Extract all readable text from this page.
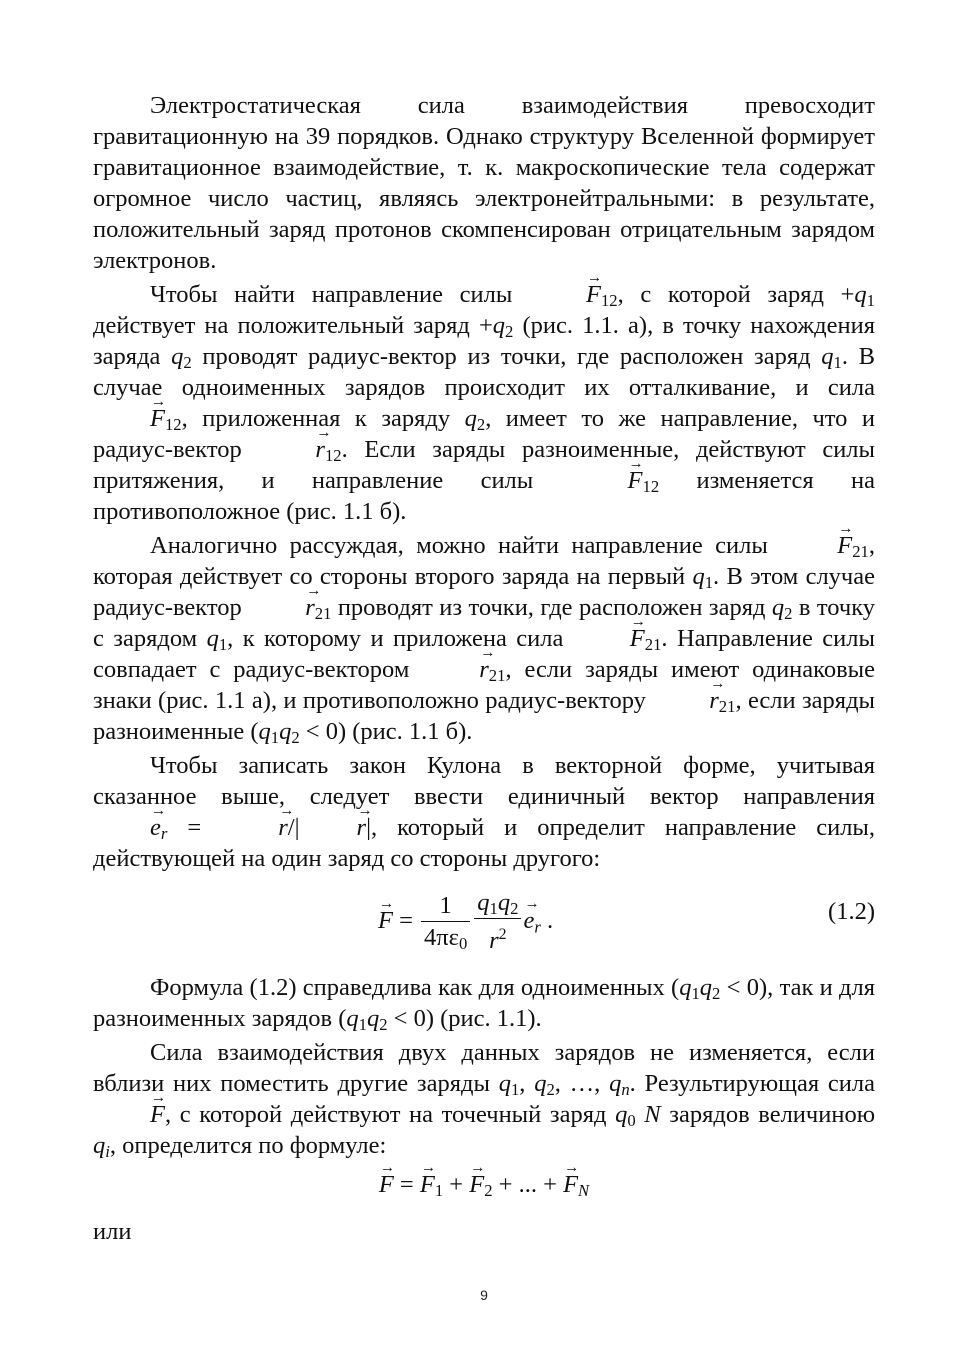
Электростатическая сила взаимодействия превосходит гравитационную на 39 порядков. Однако структуру Вселенной формирует гравитационное взаимодействие, т. к. макроскопические тела содержат огромное число частиц, являясь электронейтральными: в результате, положительный заряд протонов скомпенсирован отрицательным зарядом электронов.

Чтобы найти направление силы → $F_{12}$, с которой заряд $+q_1$ действует на положительный заряд $+q_2$ (рис. 1.1. а), в точку нахождения заряда $q_2$ проводят радиус-вектор из точки, где расположен заряд $q_1$. В случае одноименных зарядов происходит их отталкивание, и сила → $F_{12}$, приложенная к заряду $q_2$, имеет то же направление, что и радиус-вектор → $r_{12}$. Если заряды разноименные, действуют силы притяжения, и направление силы → $F_{12}$ изменяется на противоположное (рис. 1.1 б).

Аналогично рассуждая, можно найти направление силы → $F_{21}$, которая действует со стороны второго заряда на первый $q_1$. В этом случае радиус-вектор → $r_{21}$ проводят из точки, где расположен заряд $q_2$ в точку с зарядом $q_1$, к которому и приложена сила → $F_{21}$. Направление силы совпадает с радиус-вектором → $r_{21}$, если заряды имеют одинаковые знаки (рис. 1.1 а), и противоположно радиус-вектору → $r_{21}$, если заряды разноименные $(q_1q_2 < 0)$ (рис. 1.1 б).

Чтобы записать закон Кулона в векторной форме, учитывая сказанное выше, следует ввести единичный вектор направления → $e_r$ = →	r/|→ r|, который и определит направление силы, действующей на один заряд со стороны другого:

→ $F = \frac{1}{4\pi\varepsilon_0} \frac{q_1q_2}{r^2}$
→ $e_r$ .	(1.2)

Формула (1.2) справедлива как для одноименных $(q_1q_2 < 0)$, так и для разноименных зарядов $(q_1q_2 < 0)$ (рис. 1.1).

Сила взаимодействия двух данных зарядов не изменяется, если вблизи них поместить другие заряды $q_1$, $q_2$, …, $q_n$. Результирующая сила → F, с которой действуют на точечный заряд $q_0$ N зарядов величиною $q_i$, определится по формуле:

→ F = → $F_1$ + → $F_2$ + ... + → $F_N$

или

9
